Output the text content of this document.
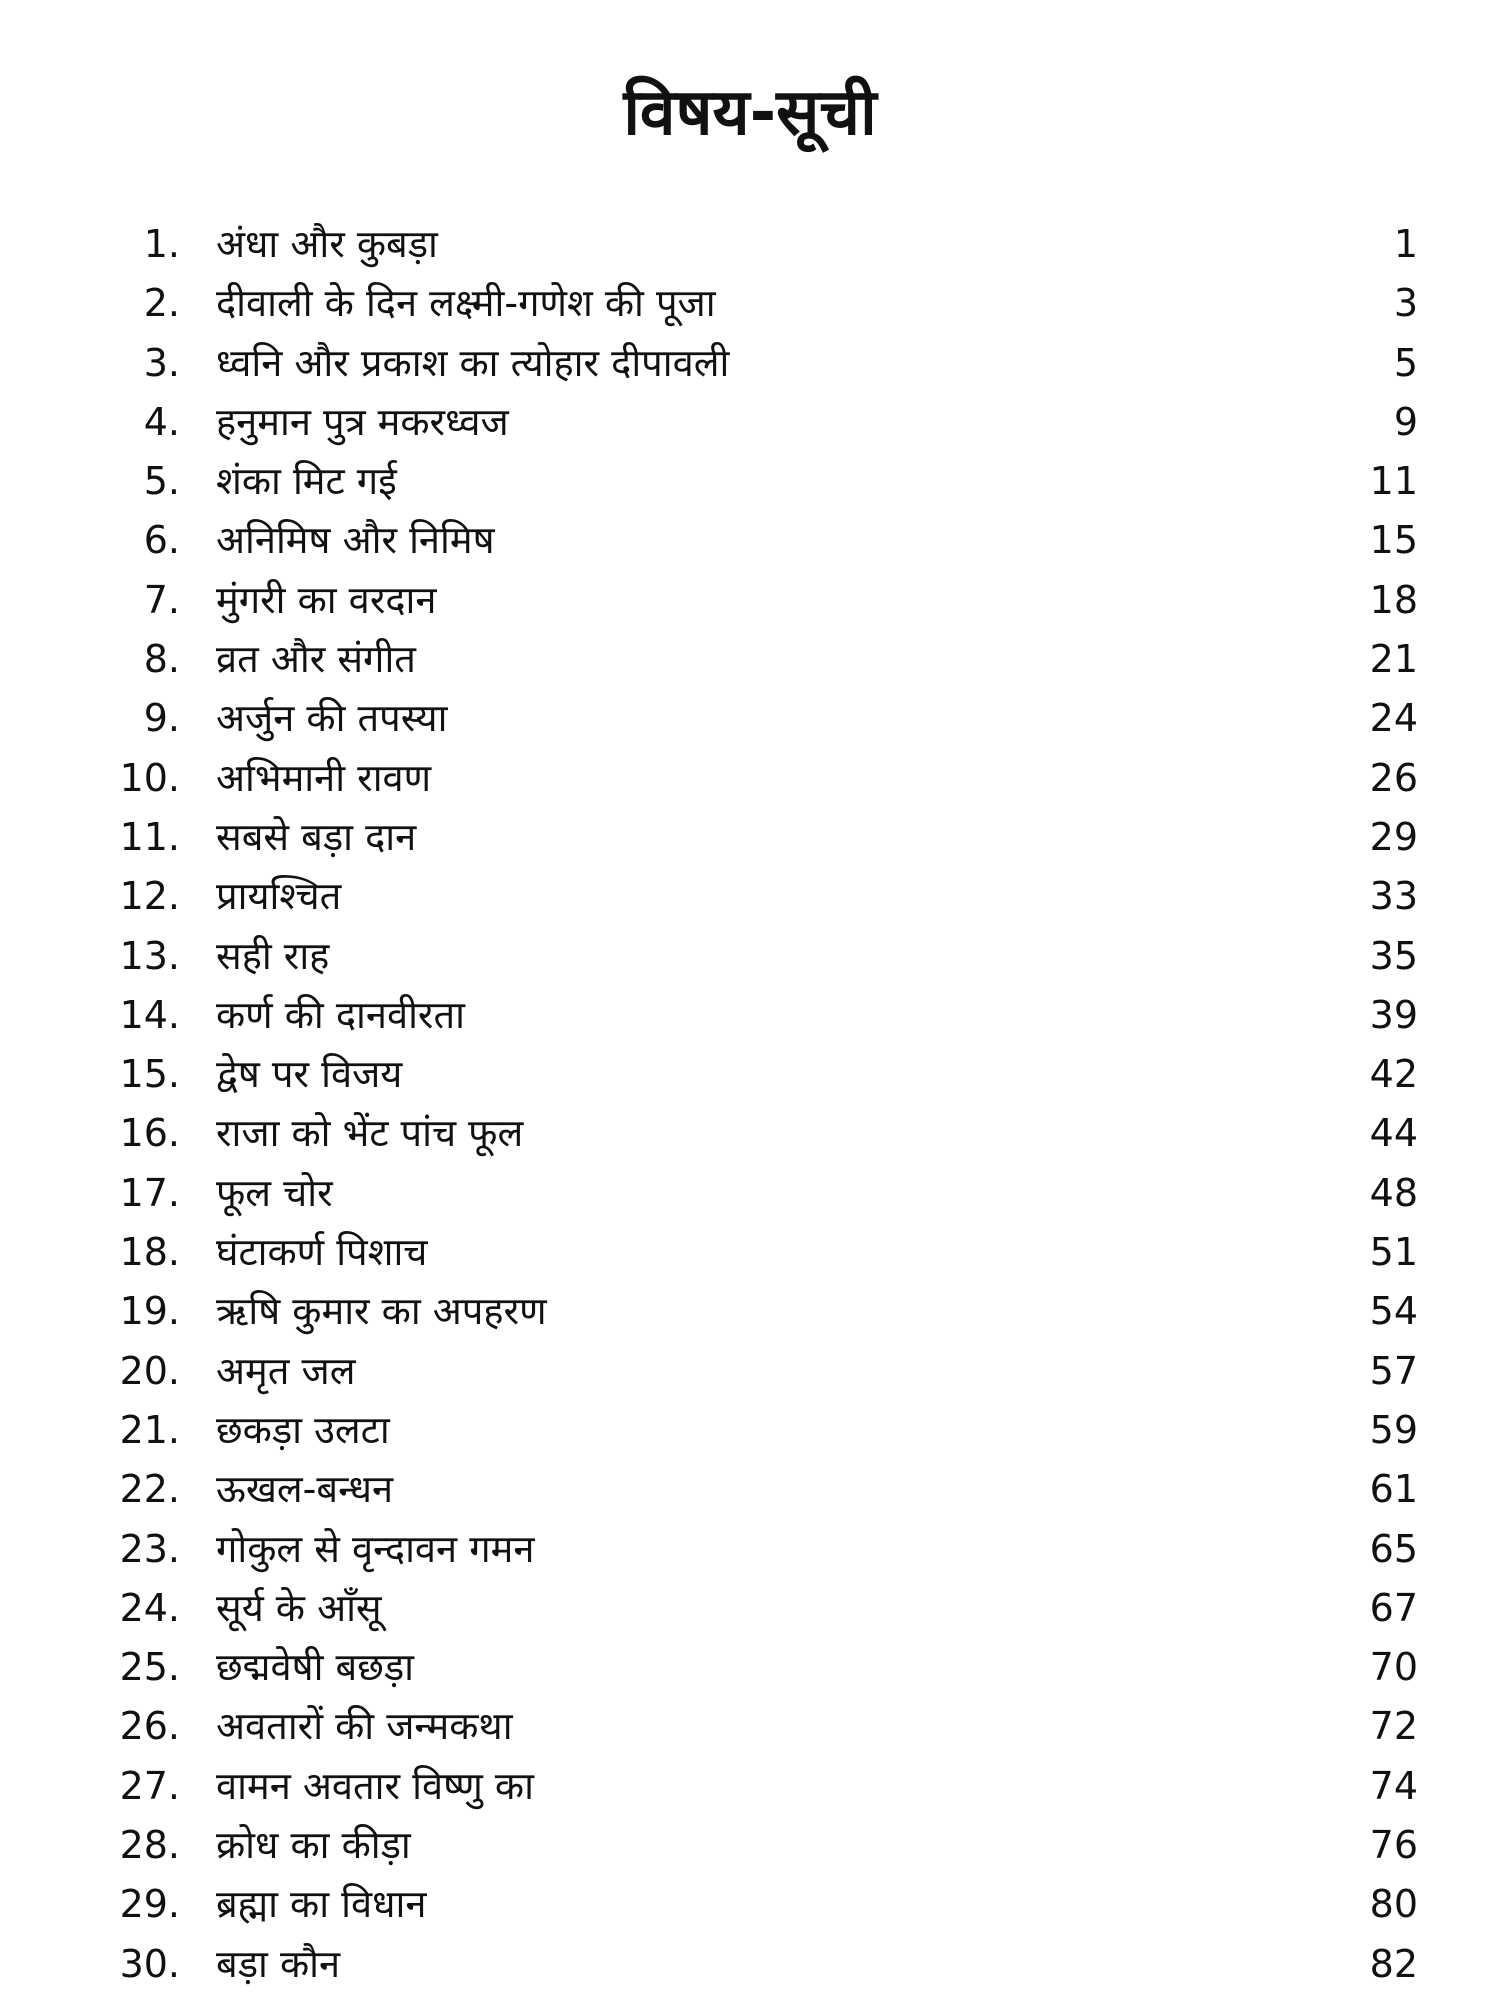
विषय-सूची
1. अंधा और कुबड़ा	1
2. दीवाली के दिन लक्ष्मी-गणेश की पूजा	3
3. ध्वनि और प्रकाश का त्योहार दीपावली	5
4. हनुमान पुत्र मकरध्वज	9
5. शंका मिट गई	11
6. अनिमिष और निमिष	15
7. मुंगरी का वरदान	18
8. व्रत और संगीत	21
9. अर्जुन की तपस्या	24
10. अभिमानी रावण	26
11. सबसे बड़ा दान	29
12. प्रायश्चित	33
13. सही राह	35
14. कर्ण की दानवीरता	39
15. द्वेष पर विजय	42
16. राजा को भेंट पांच फूल	44
17. फूल चोर	48
18. घंटाकर्ण पिशाच	51
19. ऋषि कुमार का अपहरण	54
20. अमृत जल	57
21. छकड़ा उलटा	59
22. ऊखल-बन्धन	61
23. गोकुल से वृन्दावन गमन	65
24. सूर्य के आँसू	67
25. छद्मवेषी बछड़ा	70
26. अवतारों की जन्मकथा	72
27. वामन अवतार विष्णु का	74
28. क्रोध का कीड़ा	76
29. ब्रह्मा का विधान	80
30. बड़ा कौन	82
